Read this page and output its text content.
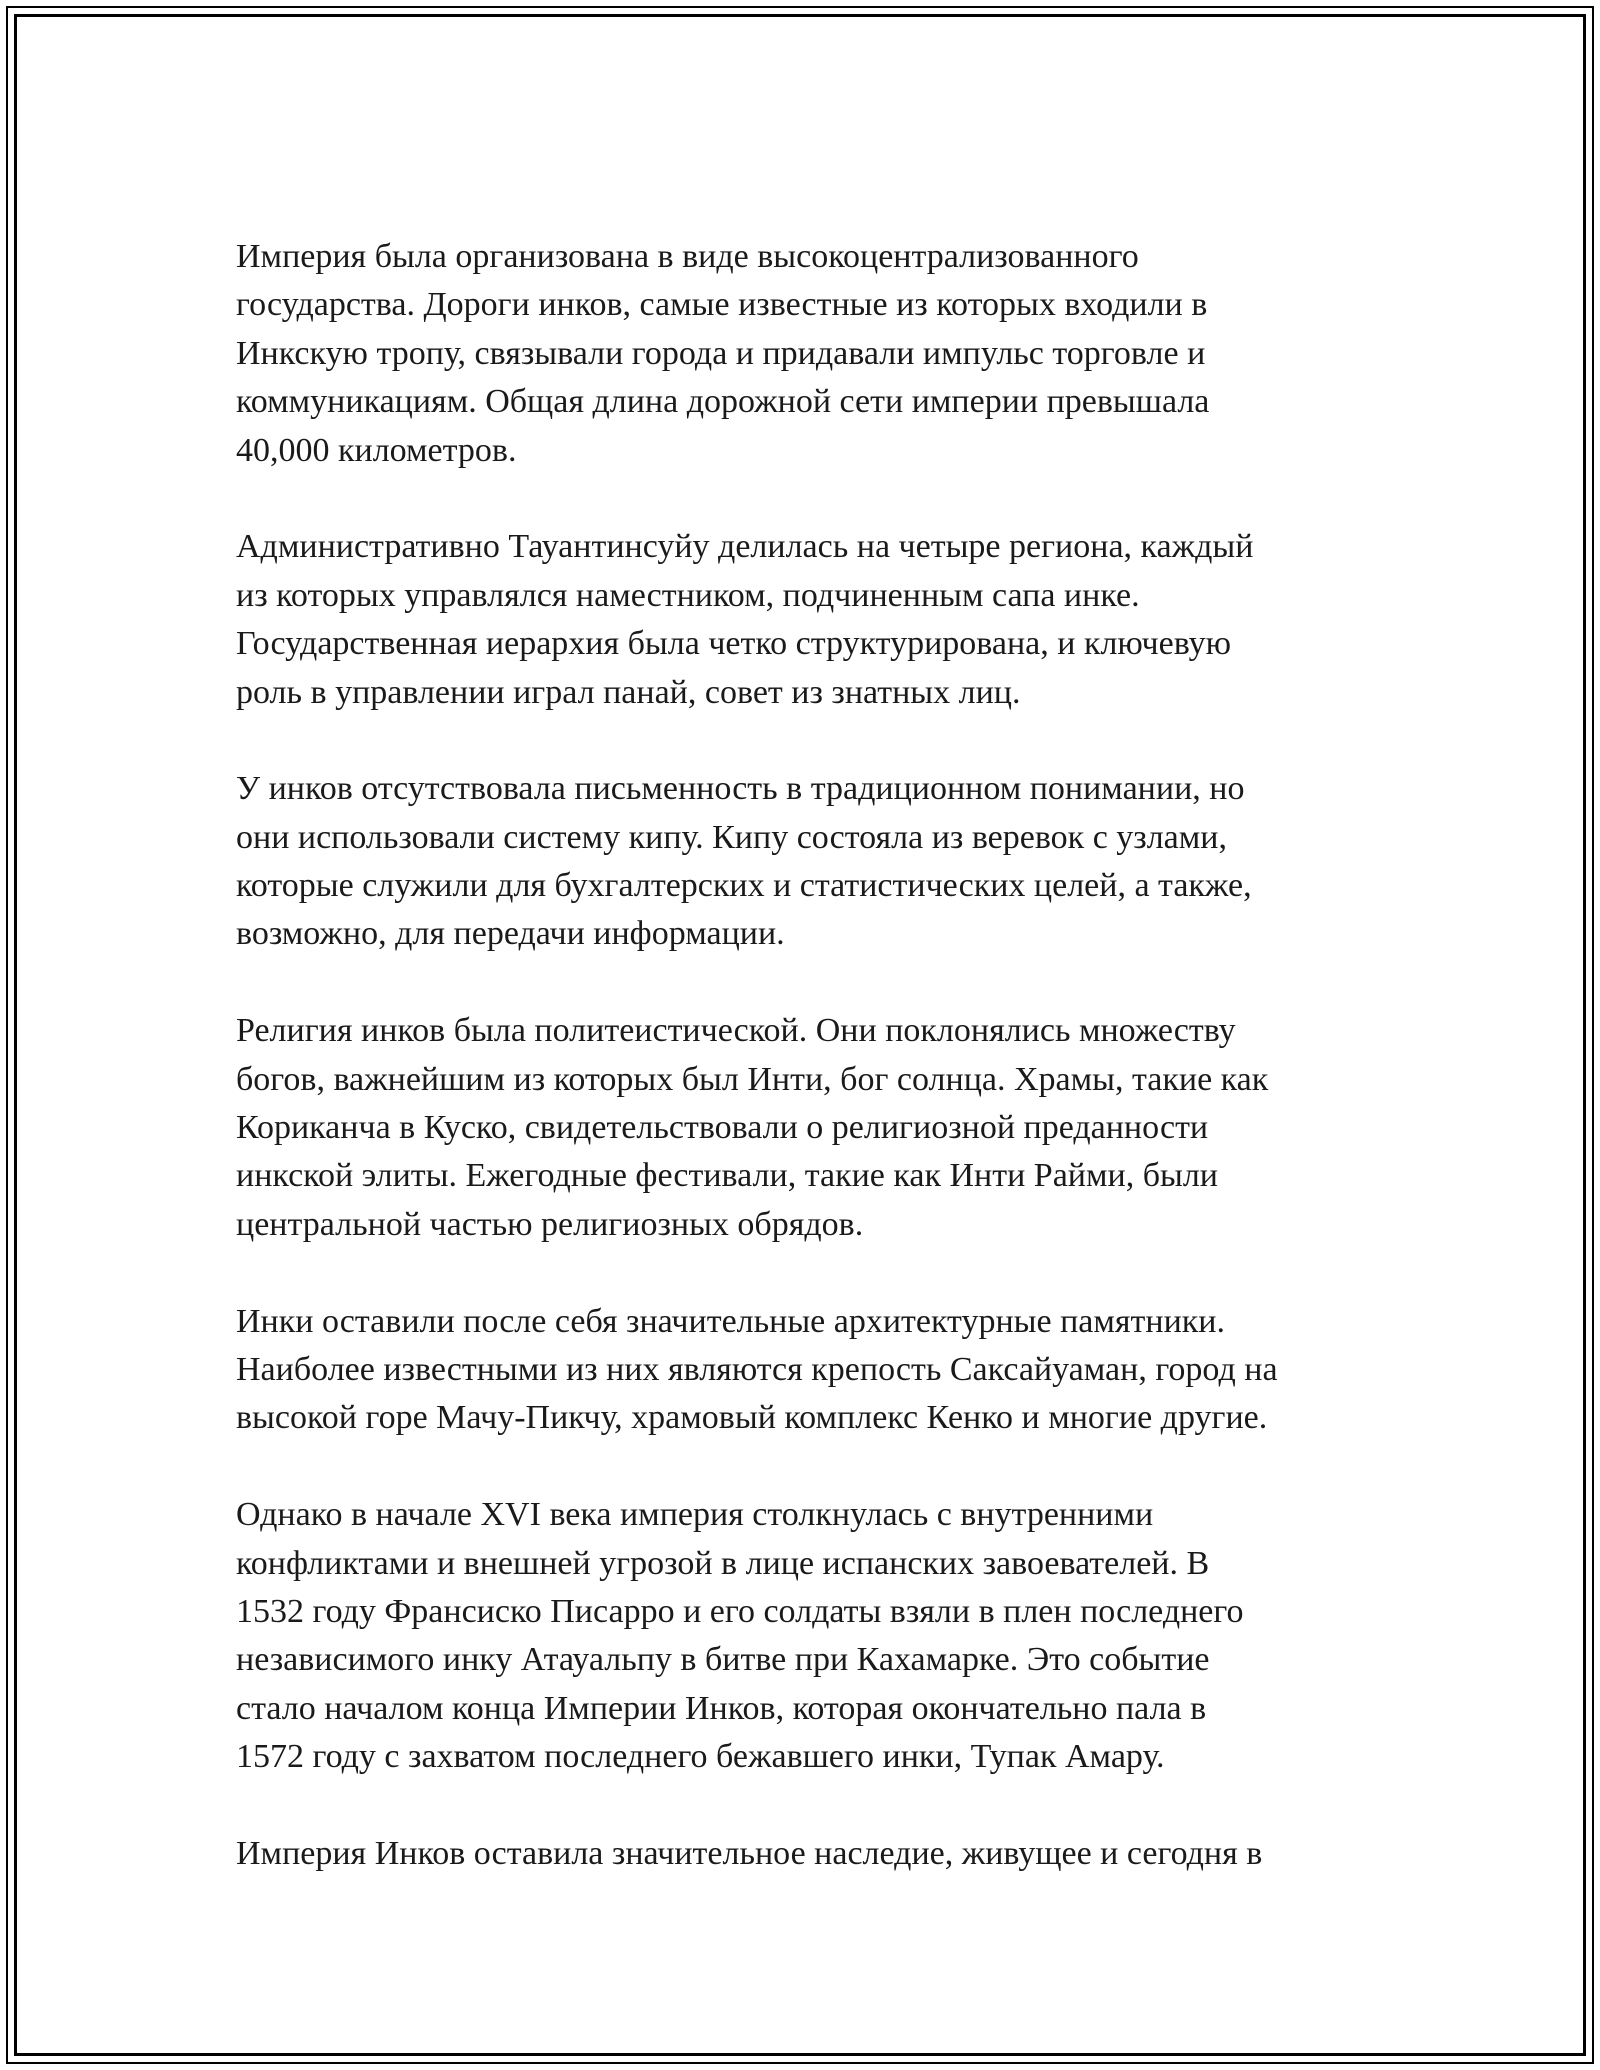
Империя была организована в виде высокоцентрализованного
государства. Дороги инков, самые известные из которых входили в
Инкскую тропу, связывали города и придавали импульс торговле и
коммуникациям. Общая длина дорожной сети империи превышала
40,000 километров.

Административно Тауантинсуйу делилась на четыре региона, каждый
из которых управлялся наместником, подчиненным сапа инке.
Государственная иерархия была четко структурирована, и ключевую
роль в управлении играл панай, совет из знатных лиц.

У инков отсутствовала письменность в традиционном понимании, но
они использовали систему кипу. Кипу состояла из веревок с узлами,
которые служили для бухгалтерских и статистических целей, а также,
возможно, для передачи информации.

Религия инков была политеистической. Они поклонялись множеству
богов, важнейшим из которых был Инти, бог солнца. Храмы, такие как
Кориканча в Куско, свидетельствовали о религиозной преданности
инкской элиты. Ежегодные фестивали, такие как Инти Райми, были
центральной частью религиозных обрядов.

Инки оставили после себя значительные архитектурные памятники.
Наиболее известными из них являются крепость Саксайуаман, город на
высокой горе Мачу-Пикчу, храмовый комплекс Кенко и многие другие.

Однако в начале XVI века империя столкнулась с внутренними
конфликтами и внешней угрозой в лице испанских завоевателей. В
1532 году Франсиско Писарро и его солдаты взяли в плен последнего
независимого инку Атауальпу в битве при Кахамарке. Это событие
стало началом конца Империи Инков, которая окончательно пала в
1572 году с захватом последнего бежавшего инки, Тупак Амару.

Империя Инков оставила значительное наследие, живущее и сегодня в
